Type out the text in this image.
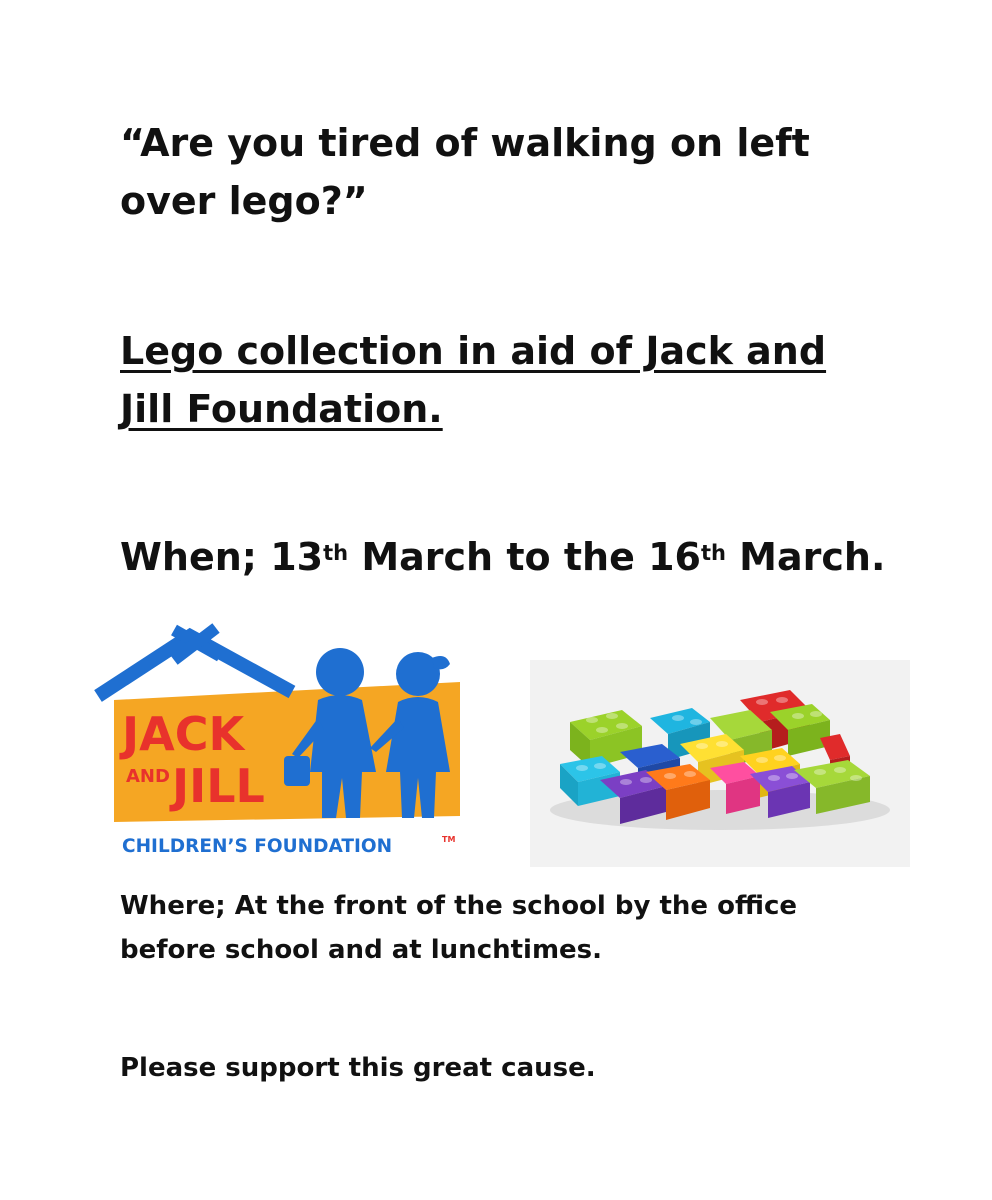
“Are you tired of walking on left over lego?”

Lego collection in aid of Jack and Jill Foundation.

When; 13th March to the 16th March.

JACK
AND JILL
CHILDREN’S FOUNDATION	TM

Where; At the front of the school by the office before school and at lunchtimes.

Please support this great cause.
